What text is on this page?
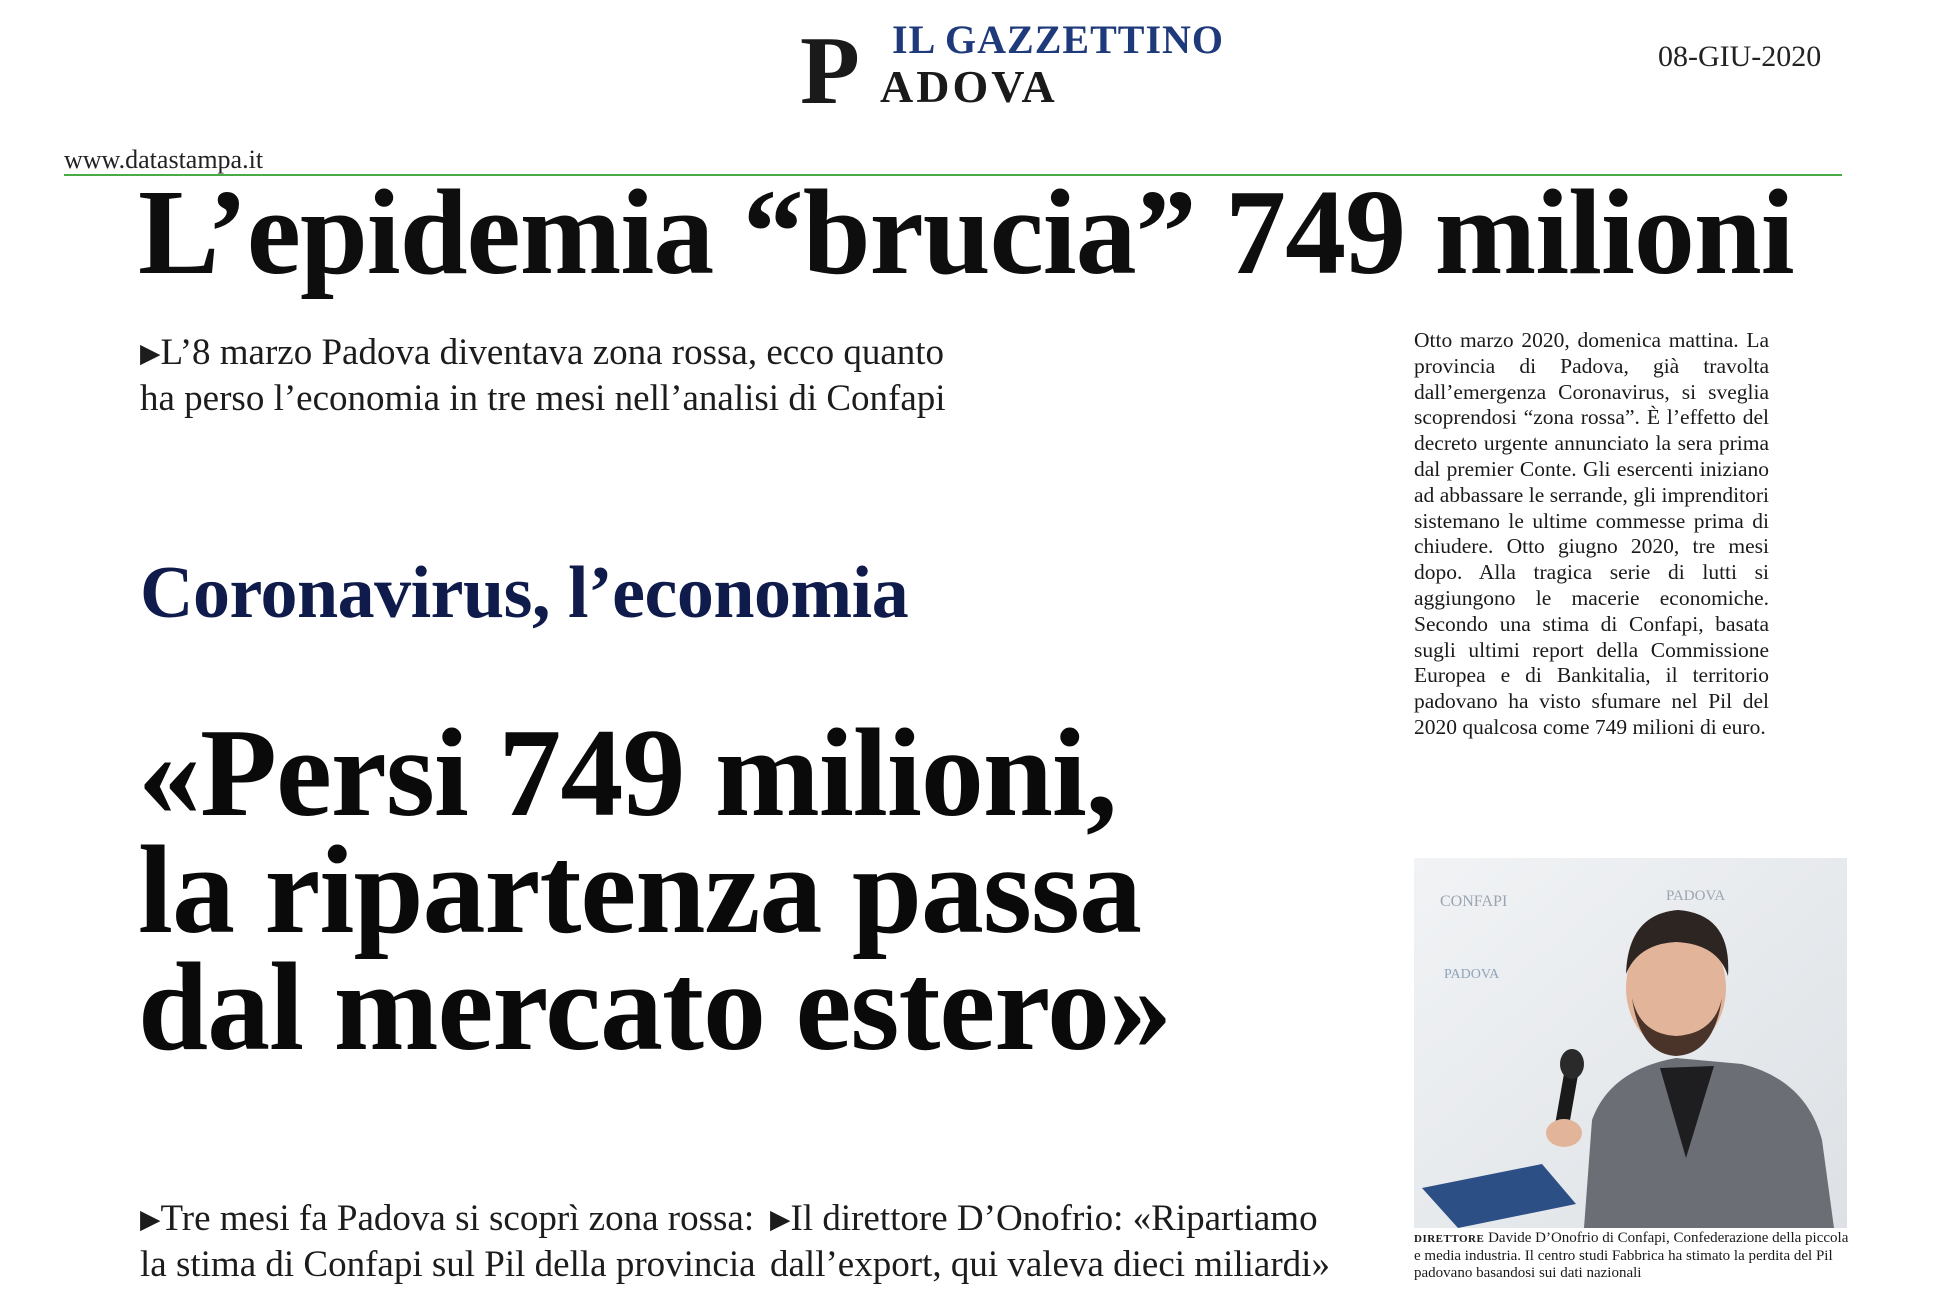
P IL GAZZETTINO
ADOVA
08-GIU-2020
www.datastampa.it
L’epidemia “brucia” 749 milioni
▶L’8 marzo Padova diventava zona rossa, ecco quanto
ha perso l’economia in tre mesi nell’analisi di Confapi
Coronavirus, l’economia
«Persi 749 milioni,
la ripartenza passa
dal mercato estero»
▶Tre mesi fa Padova si scoprì zona rossa:
la stima di Confapi sul Pil della provincia
▶Il direttore D’Onofrio: «Ripartiamo
dall’export, qui valeva dieci miliardi»
Otto marzo 2020, domenica mattina. La provincia di Padova, già travolta dall’emergenza Coronavirus, si sveglia scoprendosi “zona rossa”. È l’effetto del decreto urgente annunciato la sera prima dal premier Conte. Gli esercenti iniziano ad abbassare le serrande, gli imprenditori sistemano le ultime commesse prima di chiudere. Otto giugno 2020, tre mesi dopo. Alla tragica serie di lutti si aggiungono le macerie economiche. Secondo una stima di Confapi, basata sugli ultimi report della Commissione Europea e di Bankitalia, il territorio padovano ha visto sfumare nel Pil del 2020 qualcosa come 749 milioni di euro.
CONFAPI	PADOVA
PADOVA
DIRETTORE Davide D’Onofrio di Confapi, Confederazione della piccola e media industria. Il centro studi Fabbrica ha stimato la perdita del Pil padovano basandosi sui dati nazionali
